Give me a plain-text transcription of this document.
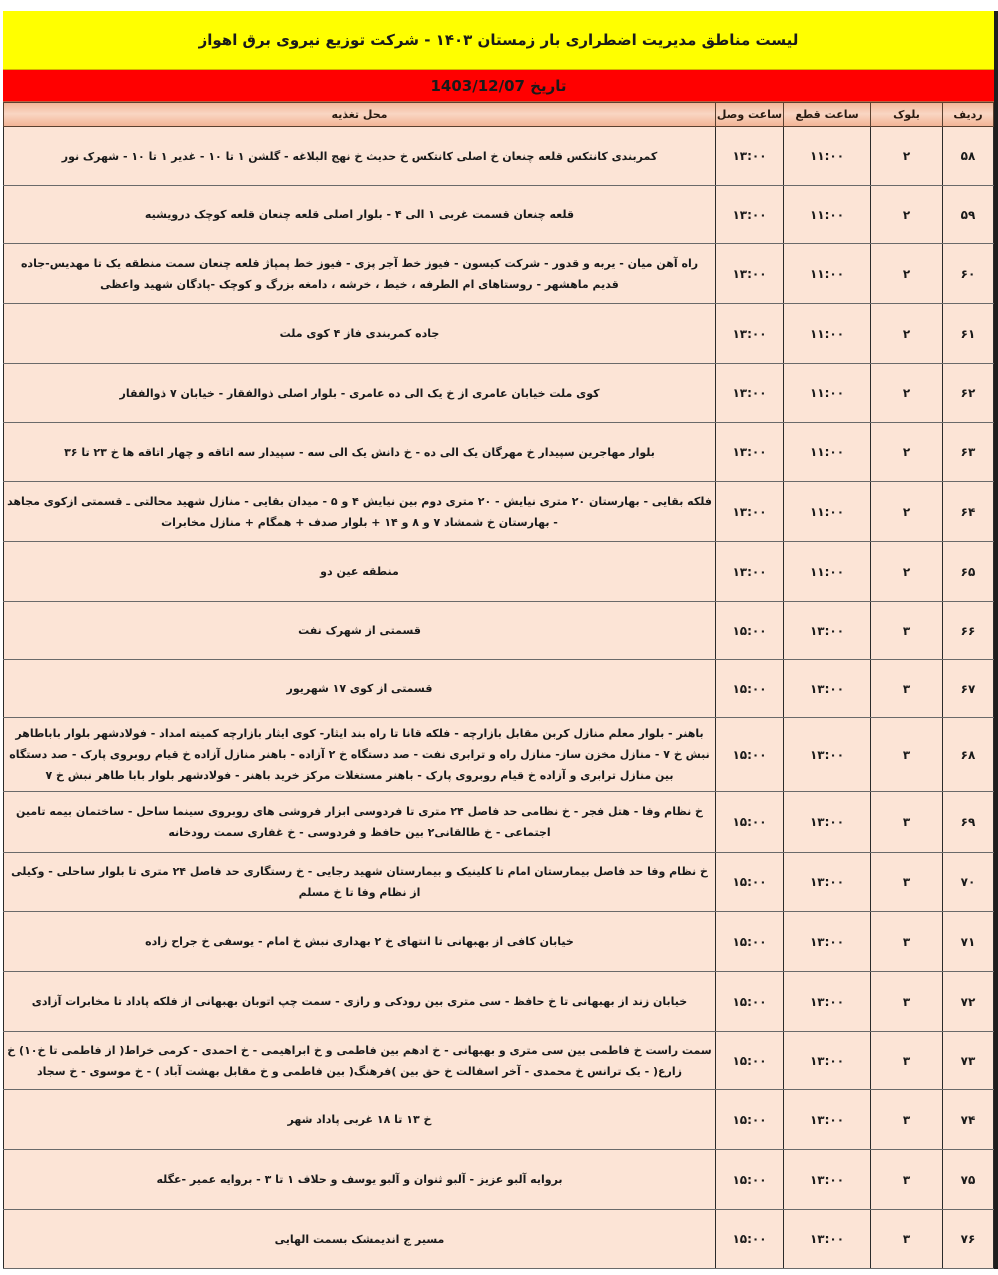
لیست مناطق مدیریت اضطراری بار زمستان ۱۴۰۳ - شرکت توزیع نیروی برق اهواز
تاریخ 1403/12/07
ردیف	بلوک	ساعت قطع	ساعت وصل	محل تغذیه
۵۸	۲	۱۱:۰۰	۱۳:۰۰	کمربندی کانتکس قلعه چنعان خ اصلی کانتکس خ حدیث خ نهج البلاغه - گلشن ۱ تا ۱۰ - غدیر ۱ تا ۱۰ - شهرک نور
۵۹	۲	۱۱:۰۰	۱۳:۰۰	قلعه چنعان قسمت غربی ۱ الی ۴ - بلوار اصلی قلعه چنعان قلعه کوچک درویشیه
۶۰	۲	۱۱:۰۰	۱۳:۰۰	راه آهن میان - یربه و قدور - شرکت کیسون - فیوز خط آجر پزی - فیوز خط پمپاژ قلعه چنعان سمت منطقه یک تا مهدیس-جاده قدیم ماهشهر - روستاهای ام الطرفه ، خیط ، خرشه ، دامغه بزرگ و کوچک -پادگان شهید واعظی
۶۱	۲	۱۱:۰۰	۱۳:۰۰	جاده کمربندی فاز ۴ کوی ملت
۶۲	۲	۱۱:۰۰	۱۳:۰۰	کوی ملت خیابان عامری از خ یک الی ده عامری - بلوار اصلی ذوالفقار - خیابان ۷ ذوالفقار
۶۳	۲	۱۱:۰۰	۱۳:۰۰	بلوار مهاجرین سپیدار خ مهرگان یک الی ده - خ دانش یک الی سه - سپیدار سه اتاقه و چهار اتاقه ها خ ۲۳ تا ۳۶
۶۴	۲	۱۱:۰۰	۱۳:۰۰	فلکه بقایی - بهارستان ۲۰ متری نیایش - ۲۰ متری دوم بین نیایش ۴ و ۵ - میدان بقایی - منازل شهید محالتی ـ قسمتی ازکوی مجاهد - بهارستان خ شمشاد ۷ و ۸ و ۱۴ + بلوار صدف + همگام + منازل مخابرات
۶۵	۲	۱۱:۰۰	۱۳:۰۰	منطقه عین دو
۶۶	۳	۱۳:۰۰	۱۵:۰۰	قسمتی از شهرک نفت
۶۷	۳	۱۳:۰۰	۱۵:۰۰	قسمتی از کوی ۱۷ شهریور
۶۸	۳	۱۳:۰۰	۱۵:۰۰	باهنر - بلوار معلم منازل کربن مقابل بازارچه - فلکه قانا تا راه بند ایثار- کوی ایثار بازارچه کمیته امداد - فولادشهر بلوار باباطاهر نبش خ ۷ - منازل مخزن ساز- منازل راه و ترابری نفت - صد دستگاه خ ۲ آزاده - باهنر منازل آزاده خ قیام روبروی پارک - صد دستگاه بین منازل ترابری و آزاده خ قیام روبروی پارک - باهنر مستغلات مرکز خرید باهنر - فولادشهر بلوار بابا طاهر نبش خ ۷
۶۹	۳	۱۳:۰۰	۱۵:۰۰	خ نظام وفا - هتل فجر - خ نظامی حد فاصل ۲۴ متری تا فردوسی ابزار فروشی های روبروی سینما ساحل - ساختمان بیمه تامین اجتماعی - خ طالقانی۲ بین حافظ و فردوسی - خ غفاری سمت رودخانه
۷۰	۳	۱۳:۰۰	۱۵:۰۰	خ نظام وفا حد فاصل بیمارستان امام تا کلینیک و بیمارستان شهید رجایی - خ رستگاری حد فاصل ۲۴ متری تا بلوار ساحلی - وکیلی از نظام وفا تا خ مسلم
۷۱	۳	۱۳:۰۰	۱۵:۰۰	خیابان کافی از بهبهانی تا انتهای خ ۲ بهداری نبش خ امام - یوسفی خ جراح زاده
۷۲	۳	۱۳:۰۰	۱۵:۰۰	خیابان زند از بهبهانی تا خ حافظ - سی متری بین رودکی و رازی - سمت چپ اتوبان بهبهانی از فلکه پاداد تا مخابرات آزادی
۷۳	۳	۱۳:۰۰	۱۵:۰۰	سمت راست خ فاطمی بین سی متری و بهبهانی - خ ادهم بین فاطمی و خ ابراهیمی - خ احمدی - کرمی خراط( از فاطمی تا خ۱۰) خ زارع( - یک ترانس خ محمدی - آخر اسفالت خ حق بین )فرهنگ( بین فاطمی و خ مقابل بهشت آباد ) - خ موسوی - خ سجاد
۷۴	۳	۱۳:۰۰	۱۵:۰۰	خ ۱۳ تا ۱۸ غربی پاداد شهر
۷۵	۳	۱۳:۰۰	۱۵:۰۰	بروایه آلبو عزیز - آلبو ثنوان و آلبو یوسف و حلاف ۱ تا ۳ - بروایه عمیر -عگله
۷۶	۳	۱۳:۰۰	۱۵:۰۰	مسیر ج اندیمشک بسمت الهایی
